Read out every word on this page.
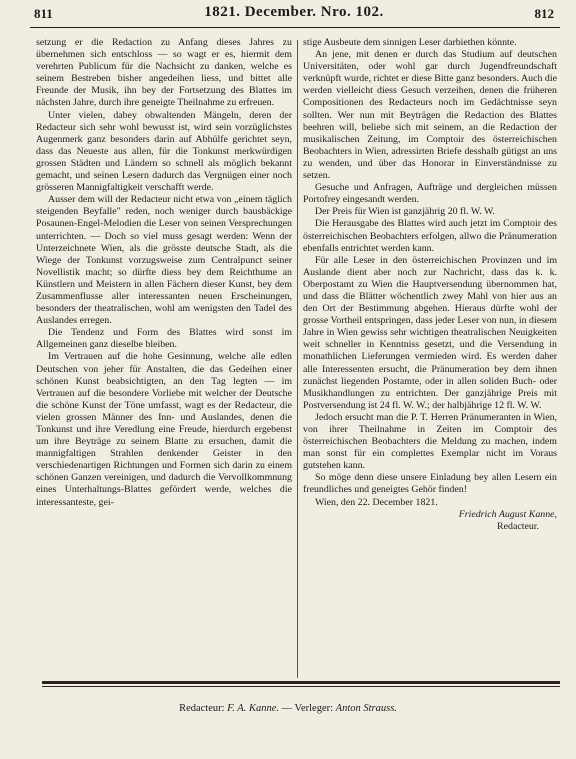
811	1821. December. Nro. 102.	812

setzung er die Redaction zu Anfang dieses Jahres zu übernehmen sich entschloss — so wagt er es, hiermit dem verehrten Publicum für die Nachsicht zu danken, welche es seinem Bestreben bisher angedeihen liess, und bittet alle Freunde der Musik, ihn bey der Fortsetzung des Blattes im nächsten Jahre, durch ihre geneigte Theilnahme zu erfreuen.

Unter vielen, dabey obwaltenden Mängeln, deren der Redacteur sich sehr wohl bewusst ist, wird sein vorzüglichstes Augenmerk ganz besonders darin auf Abhülfe gerichtet seyn, dass das Neueste aus allen, für die Tonkunst merkwürdigen grossen Städten und Ländern so schnell als möglich bekannt gemacht, und seinen Lesern dadurch das Vergnügen einer noch grösseren Mannigfaltigkeit verschafft werde.

Ausser dem will der Redacteur nicht etwa von „einem täglich steigenden Beyfalle" reden, noch weniger durch bausbäckige Posaunen-Engel-Melodien die Leser von seinen Versprechungen unterrichten. — Doch so viel muss gesagt werden: Wenn der Unterzeichnete Wien, als die grösste deutsche Stadt, als die Wiege der Tonkunst vorzugsweise zum Centralpunct seiner Novellistik macht; so dürfte diess bey dem Reichthume an Künstlern und Meistern in allen Fächern dieser Kunst, bey dem Zusammenflusse aller interessanten neuen Erscheinungen, besonders der theatralischen, wohl am wenigsten den Tadel des Auslandes erregen.

Die Tendenz und Form des Blattes wird sonst im Allgemeinen ganz dieselbe bleiben.

Im Vertrauen auf die hohe Gesinnung, welche alle edlen Deutschen von jeher für Anstalten, die das Gedeihen einer schönen Kunst beabsichtigten, an den Tag legten — im Vertrauen auf die besondere Vorliebe mit welcher der Deutsche die schöne Kunst der Töne umfasst, wagt es der Redacteur, die vielen grossen Männer des Inn- und Auslandes, denen die Tonkunst und ihre Veredlung eine Freude, hierdurch ergebenst um ihre Beyträge zu seinem Blatte zu ersuchen, damit die mannigfaltigen Strahlen denkender Geister in den verschiedenartigen Richtungen und Formen sich darin zu einem schönen Ganzen vereinigen, und dadurch die Vervollkommnung eines Unterhaltungs-Blattes gefördert werde, welches die interessanteste, gei-

stige Ausbeute dem sinnigen Leser darbiethen könnte.

An jene, mit denen er durch das Studium auf deutschen Universitäten, oder wohl gar durch Jugendfreundschaft verknüpft wurde, richtet er diese Bitte ganz besonders. Auch die werden vielleicht diess Gesuch verzeihen, denen die früheren Compositionen des Redacteurs noch im Gedächtnisse seyn sollten. Wer nun mit Beyträgen die Redaction des Blattes beehren will, beliebe sich mit seinem, an die Redaction der musikalischen Zeitung, im Comptoir des österreichischen Beobachters in Wien, adressirten Briefe desshalb gütigst an uns zu wenden, und über das Honorar in Einverständnisse zu setzen.

Gesuche und Anfragen, Aufträge und dergleichen müssen Portofrey eingesandt werden.

Der Preis für Wien ist ganzjährig 20 fl. W. W.

Die Herausgabe des Blattes wird auch jetzt im Comptoir des österreichischen Beobachters erfolgen, allwo die Pränumeration ebenfalls entrichtet werden kann.

Für alle Leser in den österreichischen Provinzen und im Auslande dient aber noch zur Nachricht, dass das k. k. Oberpostamt zu Wien die Hauptversendung übernommen hat, und dass die Blätter wöchentlich zwey Mahl von hier aus an den Ort der Bestimmung abgehen. Hieraus dürfte wohl der grosse Vortheil entspringen, dass jeder Leser von nun, in diesem Jahre in Wien gewiss sehr wichtigen theatralischen Neuigkeiten weit schneller in Kenntniss gesetzt, und die Versendung in monathlichen Lieferungen vermieden wird. Es werden daher alle Interessenten ersucht, die Pränumeration bey dem ihnen zunächst liegenden Postamte, oder in allen soliden Buch- oder Musikhandlungen zu entrichten. Der ganzjährige Preis mit Postversendung ist 24 fl. W. W.; der halbjährige 12 fl. W. W.

Jedoch ersucht man die P. T. Herren Pränumeranten in Wien, von ihrer Theilnahme in Zeiten im Comptoir des österreichischen Beobachters die Meldung zu machen, indem man sonst für ein complettes Exemplar nicht im Voraus gutstehen kann.

So möge denn diese unsere Einladung bey allen Lesern ein freundliches und geneigtes Gehör finden!

Wien, den 22. December 1821.

Friedrich August Kanne,

Redacteur.

Redacteur: F. A. Kanne. — Verleger: Anton Strauss.
